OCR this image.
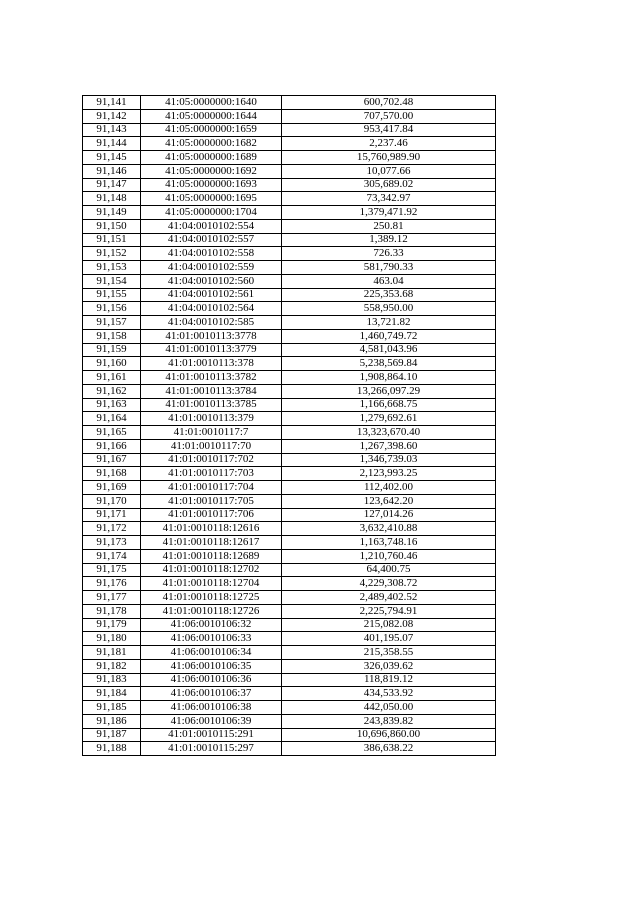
91,141	41:05:0000000:1640	600,702.48
91,142	41:05:0000000:1644	707,570.00
91,143	41:05:0000000:1659	953,417.84
91,144	41:05:0000000:1682	2,237.46
91,145	41:05:0000000:1689	15,760,989.90
91,146	41:05:0000000:1692	10,077.66
91,147	41:05:0000000:1693	305,689.02
91,148	41:05:0000000:1695	73,342.97
91,149	41:05:0000000:1704	1,379,471.92
91,150	41:04:0010102:554	250.81
91,151	41:04:0010102:557	1,389.12
91,152	41:04:0010102:558	726.33
91,153	41:04:0010102:559	581,790.33
91,154	41:04:0010102:560	463.04
91,155	41:04:0010102:561	225,353.68
91,156	41:04:0010102:564	558,950.00
91,157	41:04:0010102:585	13,721.82
91,158	41:01:0010113:3778	1,460,749.72
91,159	41:01:0010113:3779	4,581,043.96
91,160	41:01:0010113:378	5,238,569.84
91,161	41:01:0010113:3782	1,908,864.10
91,162	41:01:0010113:3784	13,266,097.29
91,163	41:01:0010113:3785	1,166,668.75
91,164	41:01:0010113:379	1,279,692.61
91,165	41:01:0010117:7	13,323,670.40
91,166	41:01:0010117:70	1,267,398.60
91,167	41:01:0010117:702	1,346,739.03
91,168	41:01:0010117:703	2,123,993.25
91,169	41:01:0010117:704	112,402.00
91,170	41:01:0010117:705	123,642.20
91,171	41:01:0010117:706	127,014.26
91,172	41:01:0010118:12616	3,632,410.88
91,173	41:01:0010118:12617	1,163,748.16
91,174	41:01:0010118:12689	1,210,760.46
91,175	41:01:0010118:12702	64,400.75
91,176	41:01:0010118:12704	4,229,308.72
91,177	41:01:0010118:12725	2,489,402.52
91,178	41:01:0010118:12726	2,225,794.91
91,179	41:06:0010106:32	215,082.08
91,180	41:06:0010106:33	401,195.07
91,181	41:06:0010106:34	215,358.55
91,182	41:06:0010106:35	326,039.62
91,183	41:06:0010106:36	118,819.12
91,184	41:06:0010106:37	434,533.92
91,185	41:06:0010106:38	442,050.00
91,186	41:06:0010106:39	243,839.82
91,187	41:01:0010115:291	10,696,860.00
91,188	41:01:0010115:297	386,638.22
